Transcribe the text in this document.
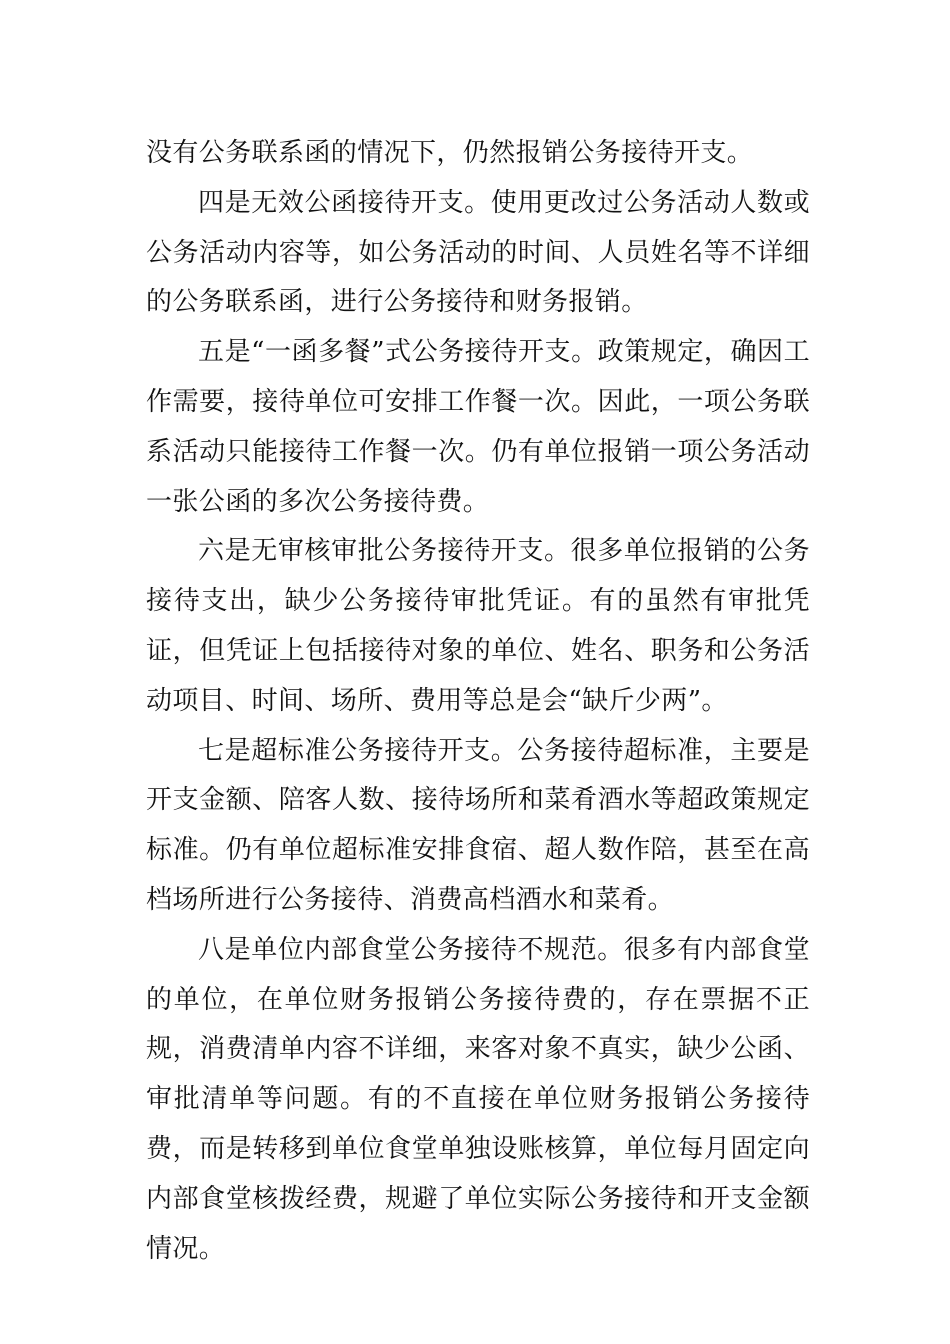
没有公务联系函的情况下，仍然报销公务接待开支。

四是无效公函接待开支。使用更改过公务活动人数或公务活动内容等，如公务活动的时间、人员姓名等不详细的公务联系函，进行公务接待和财务报销。

五是“一函多餐”式公务接待开支。政策规定，确因工作需要，接待单位可安排工作餐一次。因此，一项公务联系活动只能接待工作餐一次。仍有单位报销一项公务活动一张公函的多次公务接待费。

六是无审核审批公务接待开支。很多单位报销的公务接待支出，缺少公务接待审批凭证。有的虽然有审批凭证，但凭证上包括接待对象的单位、姓名、职务和公务活动项目、时间、场所、费用等总是会“缺斤少两”。

七是超标准公务接待开支。公务接待超标准，主要是开支金额、陪客人数、接待场所和菜肴酒水等超政策规定标准。仍有单位超标准安排食宿、超人数作陪，甚至在高档场所进行公务接待、消费高档酒水和菜肴。

八是单位内部食堂公务接待不规范。很多有内部食堂的单位，在单位财务报销公务接待费的，存在票据不正规，消费清单内容不详细，来客对象不真实，缺少公函、审批清单等问题。有的不直接在单位财务报销公务接待费，而是转移到单位食堂单独设账核算，单位每月固定向内部食堂核拨经费，规避了单位实际公务接待和开支金额情况。
